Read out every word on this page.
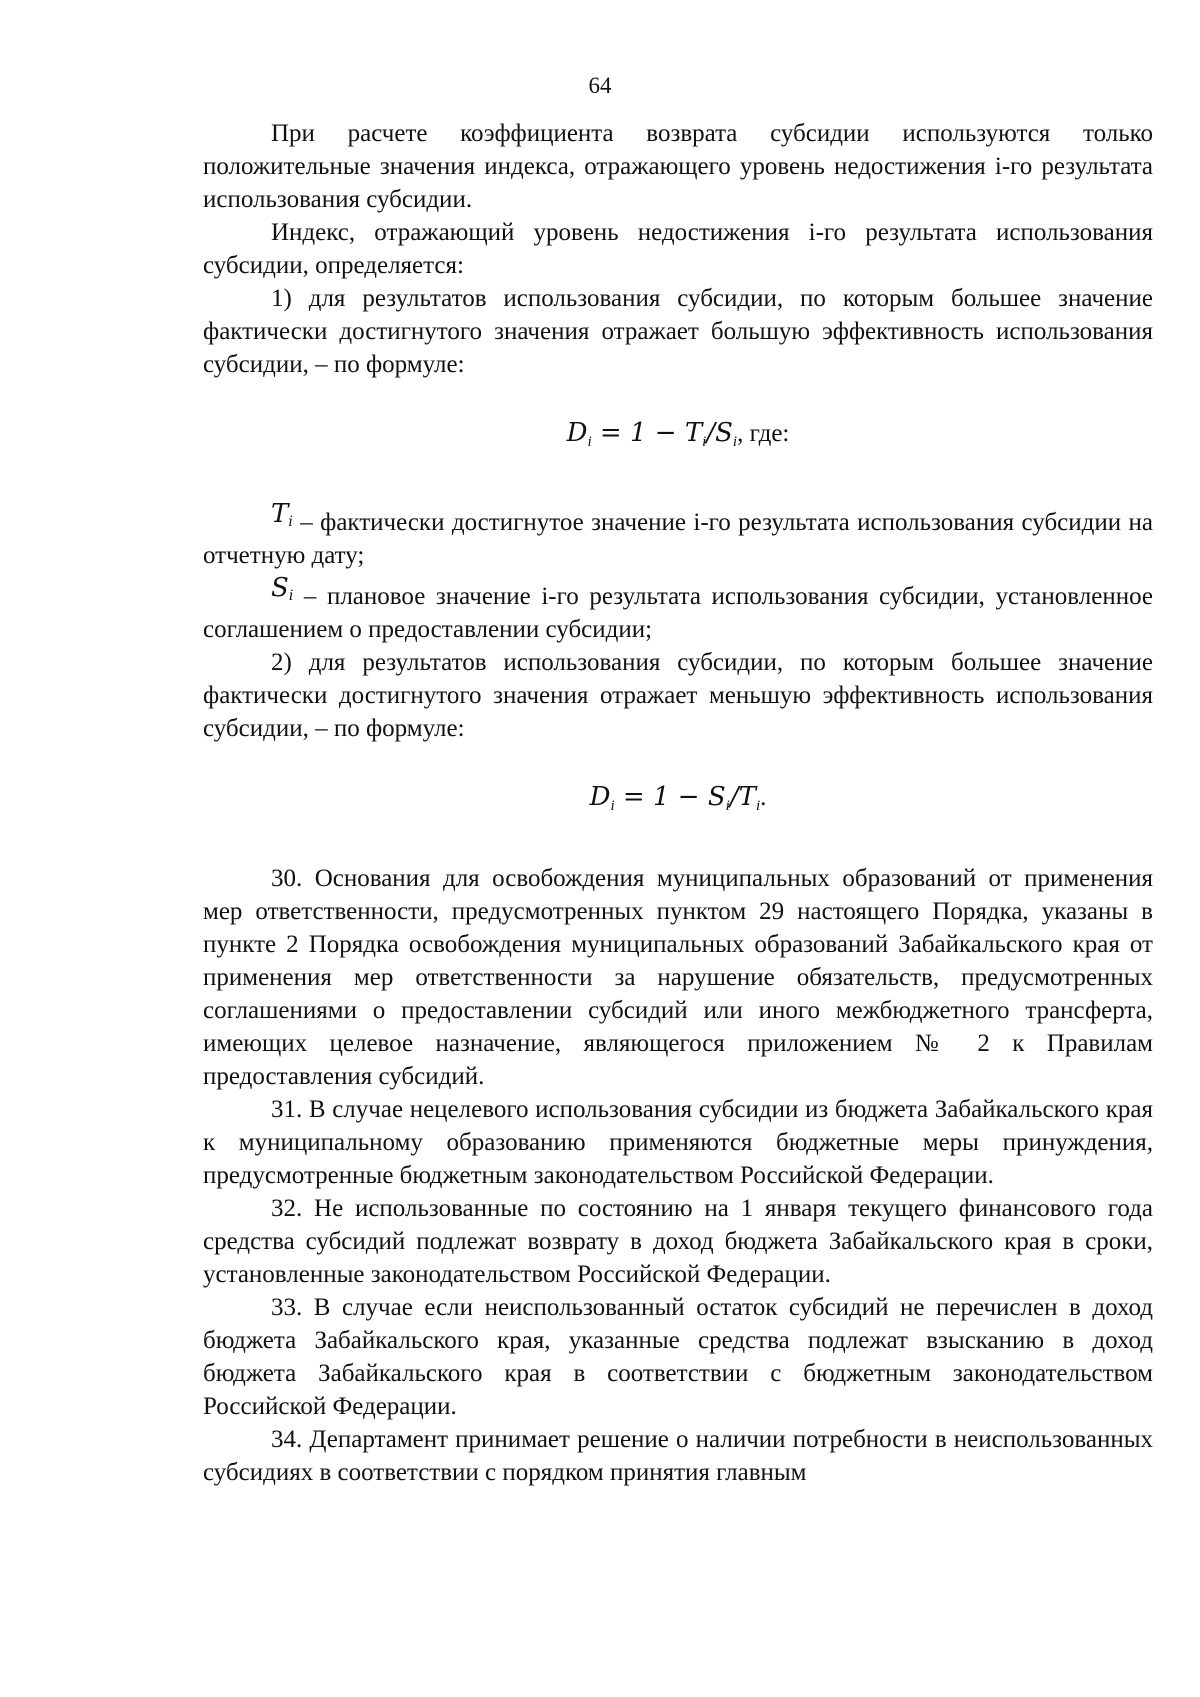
64

При расчете коэффициента возврата субсидии используются только положительные значения индекса, отражающего уровень недостижения i-го результата использования субсидии.

Индекс, отражающий уровень недостижения i-го результата использования субсидии, определяется:

1) для результатов использования субсидии, по которым большее значение фактически достигнутого значения отражает большую эффективность использования субсидии, – по формуле:

$D_i = 1 - T_i/S_i$, где:

$T_i$ – фактически достигнутое значение i-го результата использования субсидии на отчетную дату;

$S_i$ – плановое значение i-го результата использования субсидии, установленное соглашением о предоставлении субсидии;

2) для результатов использования субсидии, по которым большее значение фактически достигнутого значения отражает меньшую эффективность использования субсидии, – по формуле:

$D_i = 1 - S_i/T_i$.

30. Основания для освобождения муниципальных образований от применения мер ответственности, предусмотренных пунктом 29 настоящего Порядка, указаны в пункте 2 Порядка освобождения муниципальных образований Забайкальского края от применения мер ответственности за нарушение обязательств, предусмотренных соглашениями о предоставлении субсидий или иного межбюджетного трансферта, имеющих целевое назначение, являющегося приложением № 2 к Правилам предоставления субсидий.

31. В случае нецелевого использования субсидии из бюджета Забайкальского края к муниципальному образованию применяются бюджетные меры принуждения, предусмотренные бюджетным законодательством Российской Федерации.

32. Не использованные по состоянию на 1 января текущего финансового года средства субсидий подлежат возврату в доход бюджета Забайкальского края в сроки, установленные законодательством Российской Федерации.

33. В случае если неиспользованный остаток субсидий не перечислен в доход бюджета Забайкальского края, указанные средства подлежат взысканию в доход бюджета Забайкальского края в соответствии с бюджетным законодательством Российской Федерации.

34. Департамент принимает решение о наличии потребности в неиспользованных субсидиях в соответствии с порядком принятия главным
